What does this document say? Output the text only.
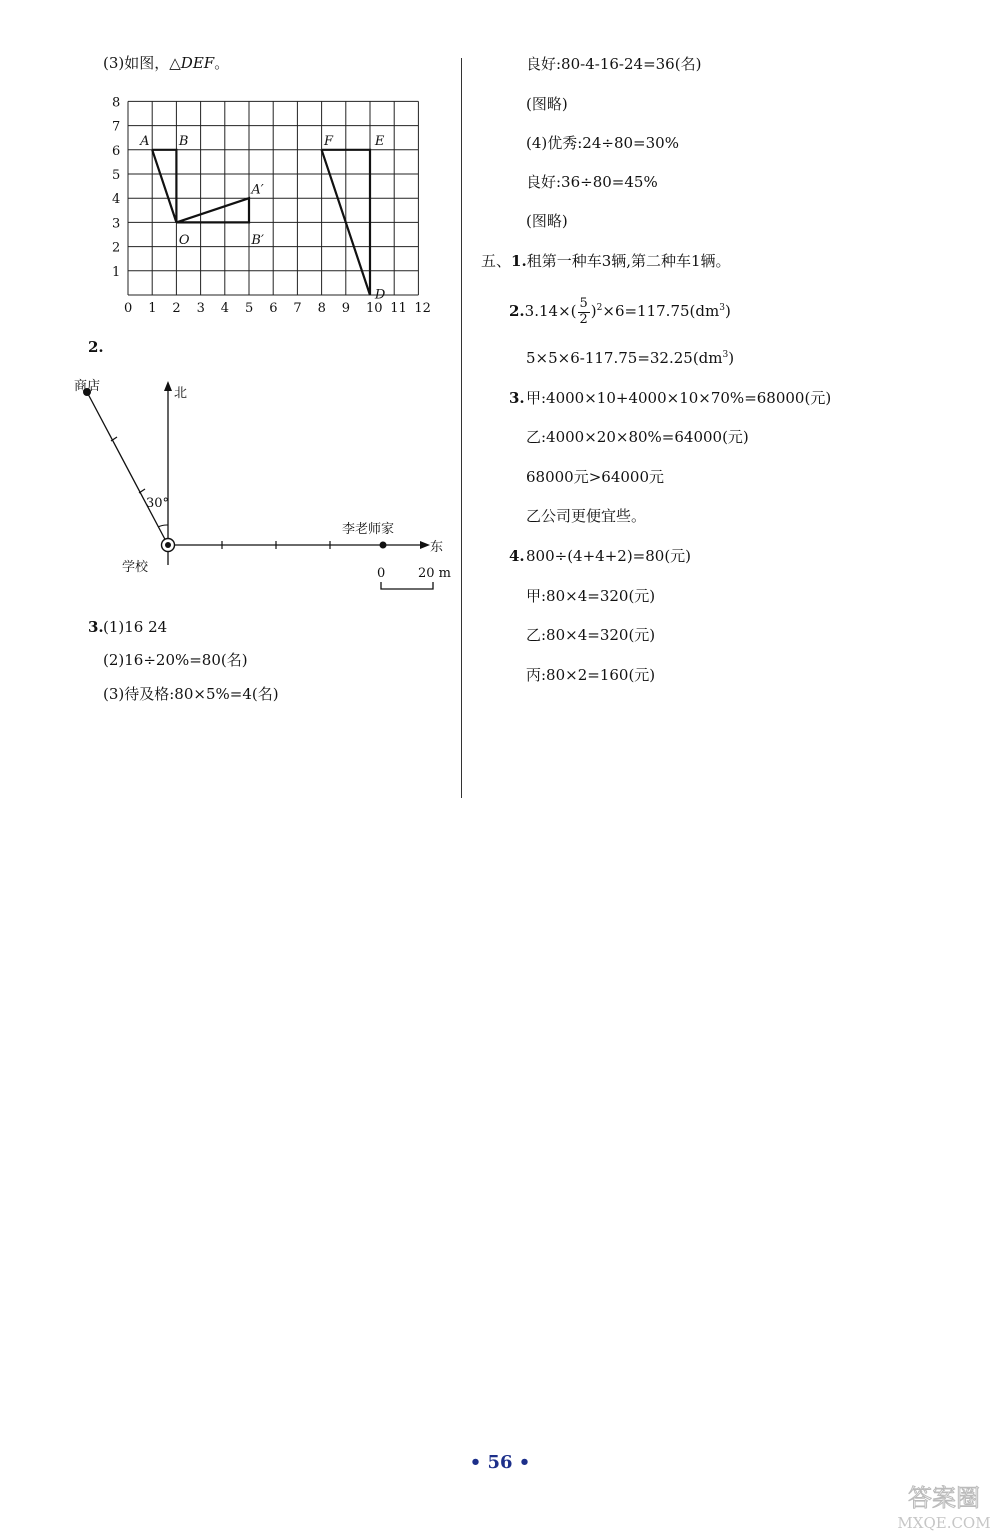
(3)如图，△DEF。
0 1 2 3 4 5 6 7 8 9 10 11 12
1
2
3
4
5
6
7
8
A B
O
A′
B′
F	E
D
2.
商店	北
30°
学校
李老师家
东
0	20 m
3. (1)16 24
(2)16÷20%=80(名)
(3)待及格:80×5%=4(名)
良好:80-4-16-24=36(名)
(图略)
(4)优秀:24÷80=30%
良好:36÷80=45%
(图略)
五、1.租第一种车3辆,第二种车1辆。
$2.3.14\times( \frac{5}{2} )^2\times 6=117.75(dm^3)$
$5\times 5\times 6-117.75=32.25(dm^3)$
3. 甲:4000×10+4000×10×70%=68000(元)
乙:4000×20×80%=64000(元)
68000元>64000元
乙公司更便宜些。
4. 800÷(4+4+2)=80(元)
甲:80×4=320(元)
乙:80×4=320(元)
丙:80×2=160(元)
• 56 •
答案圈
MXQE.COM
